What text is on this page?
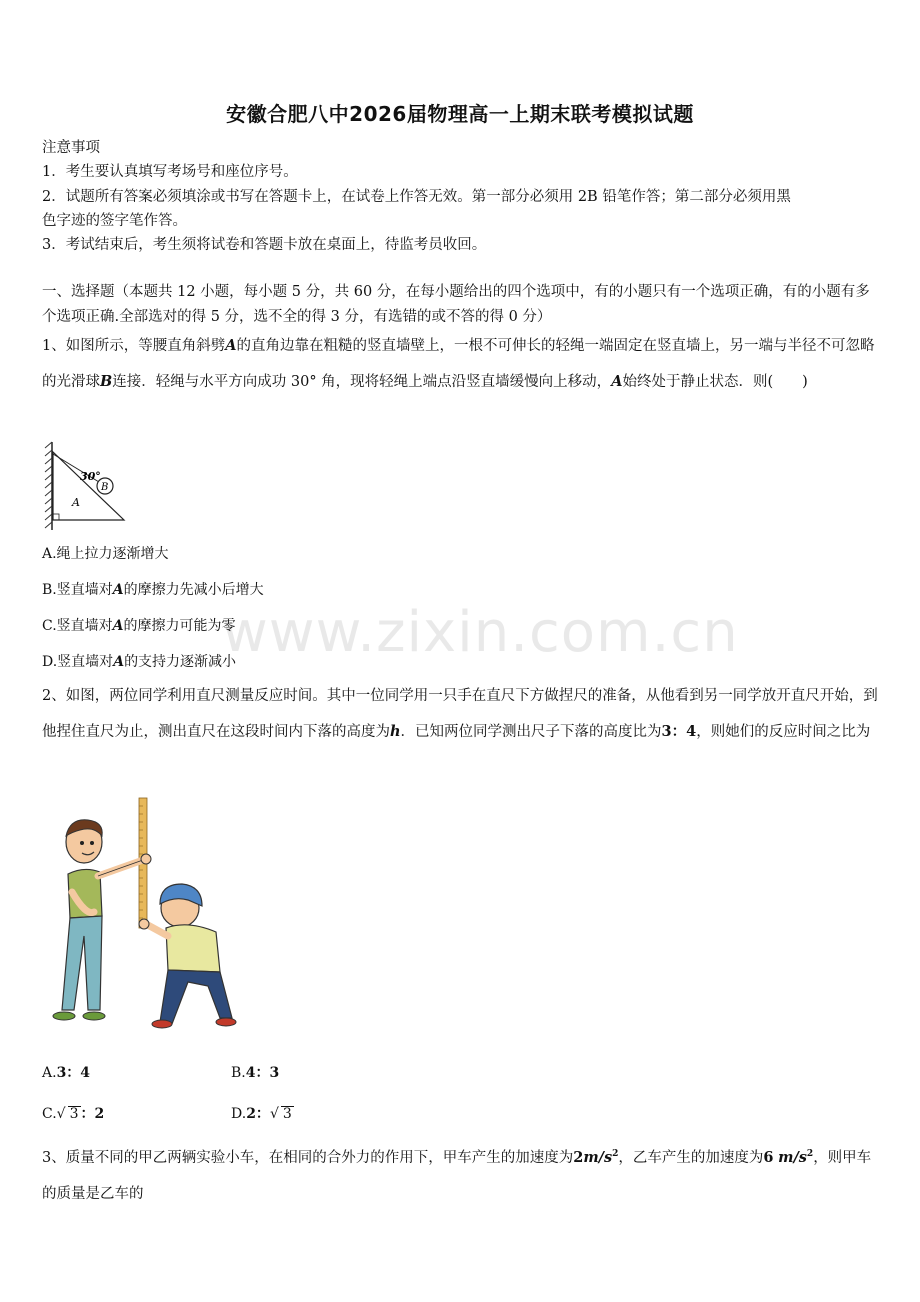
www.zixin.com.cn
安徽合肥八中2026届物理高一上期末联考模拟试题
注意事项
1．考生要认真填写考场号和座位序号。
2．试题所有答案必须填涂或书写在答题卡上，在试卷上作答无效。第一部分必须用 2B 铅笔作答；第二部分必须用黑
色字迹的签字笔作答。
3．考试结束后，考生须将试卷和答题卡放在桌面上，待监考员收回。
一、选择题（本题共 12 小题，每小题 5 分，共 60 分，在每小题给出的四个选项中，有的小题只有一个选项正确，有的小题有多个选项正确.全部选对的得 5 分，选不全的得 3 分，有选错的或不答的得 0 分）
1、如图所示，等腰直角斜劈A的直角边靠在粗糙的竖直墙壁上，一根不可伸长的轻绳一端固定在竖直墙上，另一端与半径不可忽略的光滑球B连接．轻绳与水平方向成功 30° 角，现将轻绳上端点沿竖直墙缓慢向上移动，A始终处于静止状态．则(　　)
30°
B
A
A.绳上拉力逐渐增大
B.竖直墙对A的摩擦力先减小后增大
C.竖直墙对A的摩擦力可能为零
D.竖直墙对A的支持力逐渐减小
2、如图，两位同学利用直尺测量反应时间。其中一位同学用一只手在直尺下方做捏尺的准备，从他看到另一同学放开直尺开始，到他捏住直尺为止，测出直尺在这段时间内下落的高度为h．已知两位同学测出尺子下落的高度比为3：4，则她们的反应时间之比为
A.3：4	B.4：3
C.√ 3 ：2	D.2：√ 3
3、质量不同的甲乙两辆实验小车，在相同的合外力的作用下，甲车产生的加速度为$2m/s^2$，乙车产生的加速度为6 $m/s^2$，则甲车的质量是乙车的
